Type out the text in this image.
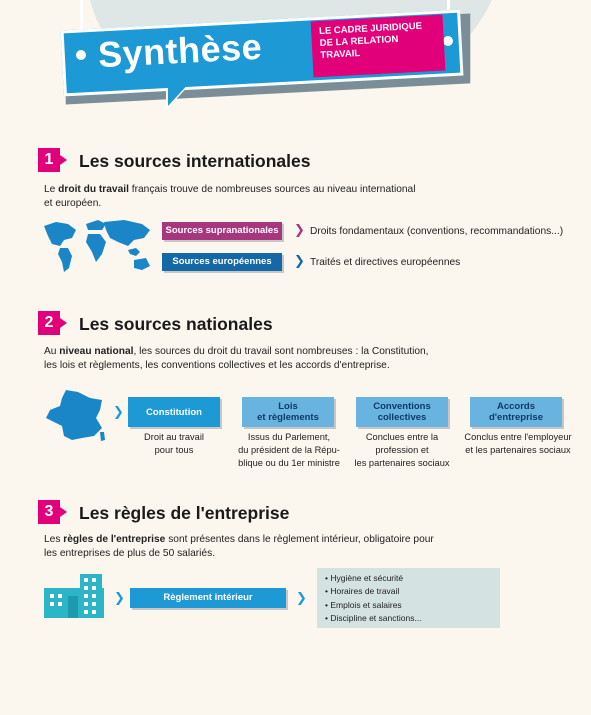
Synthèse	LE CADRE JURIDIQUE
DE LA RELATION
TRAVAIL
1	Les sources internationales
Le droit du travail français trouve de nombreuses sources au niveau international
et européen.
Sources supranationales ❯ Droits fondamentaux (conventions, recommandations...)
Sources européennes	❯ Traités et directives européennes
2	Les sources nationales
Au niveau national, les sources du droit du travail sont nombreuses : la Constitution,
les lois et règlements, les conventions collectives et les accords d'entreprise.
❯	Constitution
Droit au travail
pour tous
Lois
et règlements
Issus du Parlement,
du président de la Répu-
blique ou du 1er ministre
Conventions
collectives
Conclues entre la
profession et
les partenaires sociaux
Accords
d'entreprise
Conclus entre l'employeur
et les partenaires sociaux
3	Les règles de l'entreprise
Les règles de l'entreprise sont présentes dans le règlement intérieur, obligatoire pour
les entreprises de plus de 50 salariés.
❯	Règlement intérieur	❯
• Hygiène et sécurité
• Horaires de travail
• Emplois et salaires
• Discipline et sanctions...
